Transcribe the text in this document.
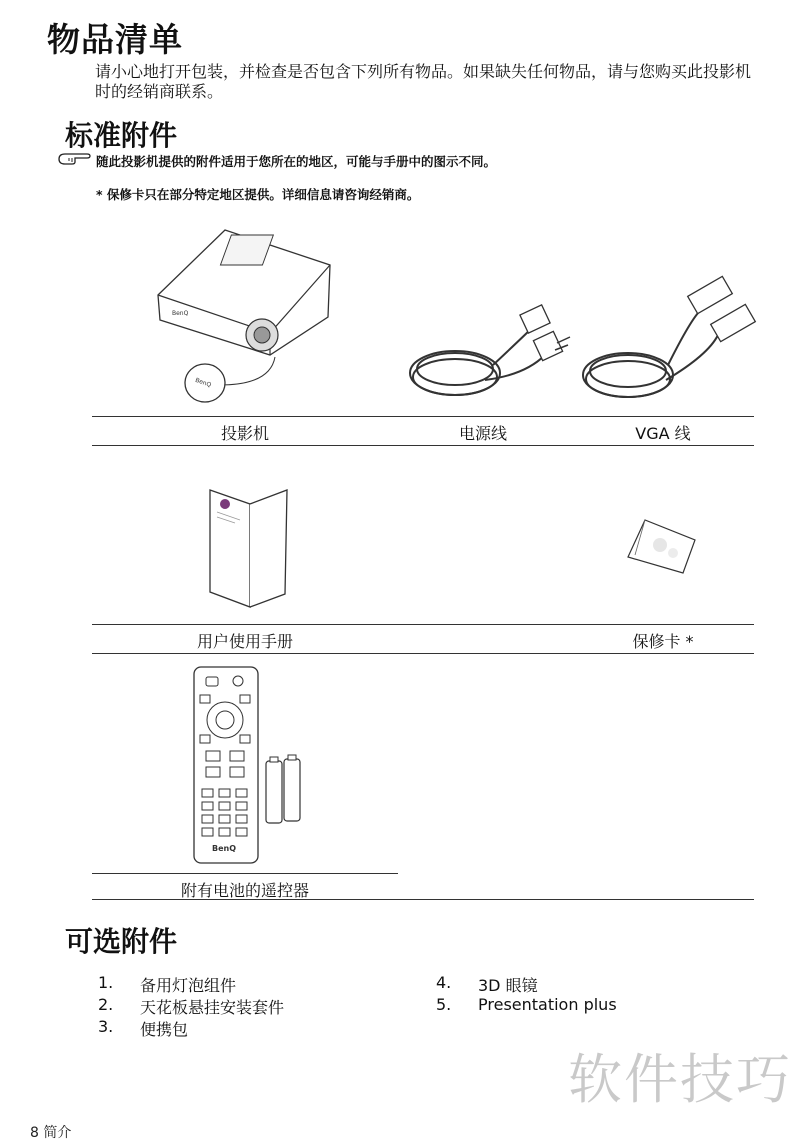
物品清单
请小心地打开包装，并检查是否包含下列所有物品。如果缺失任何物品，请与您购买此投影机时的经销商联系。
标准附件
随此投影机提供的附件适用于您所在的地区，可能与手册中的图示不同。
* 保修卡只在部分特定地区提供。详细信息请咨询经销商。
BenQ
BenQ
投影机	电源线	VGA 线
用户使用手册	保修卡 *
BenQ
附有电池的遥控器
可选附件
1. 备用灯泡组件
2. 天花板悬挂安装套件
3. 便携包
4. 3D 眼镜
5. Presentation plus
软件技巧
8 简介
